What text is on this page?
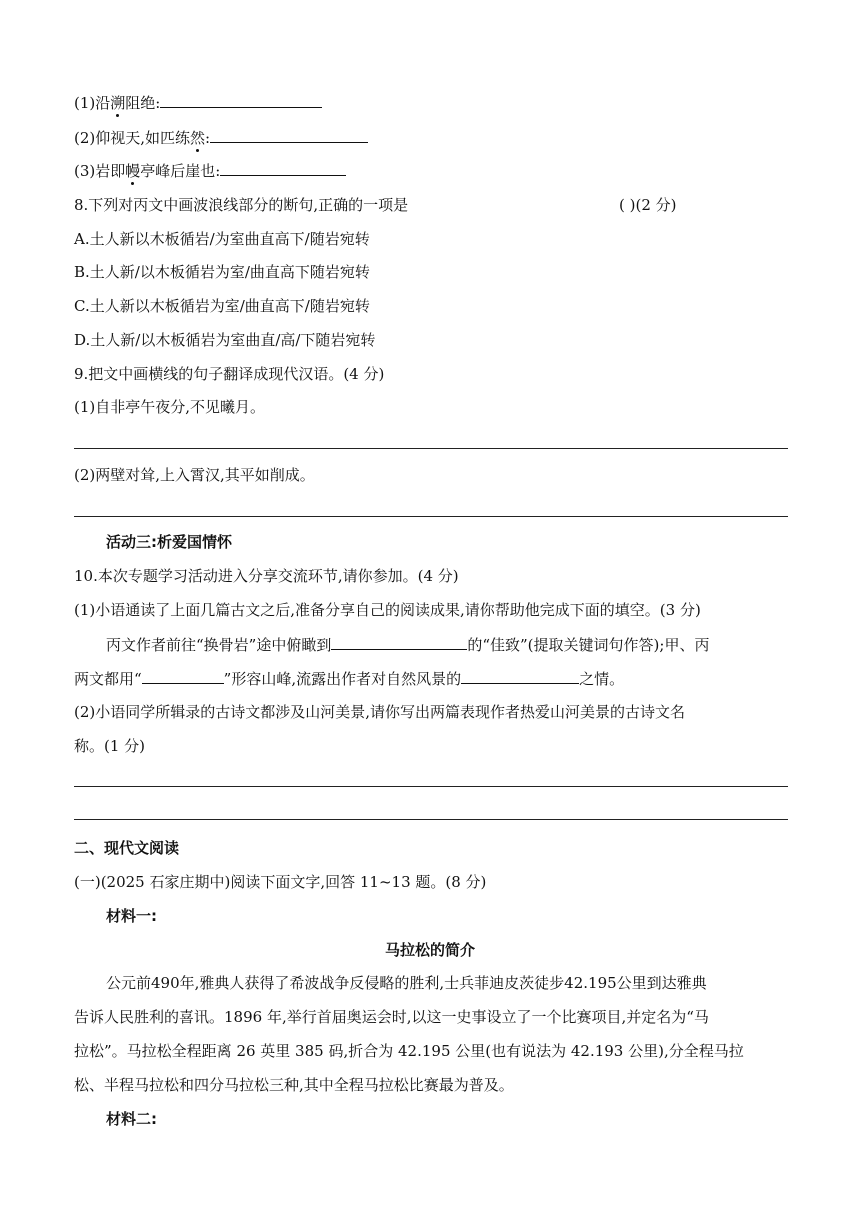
(1)沿溯阻绝:
(2)仰视天,如匹练然:
(3)岩即幔亭峰后崖也:
8.下列对丙文中画波浪线部分的断句,正确的一项是	( )(2 分)
A.土人新以木板循岩/为室曲直高下/随岩宛转
B.土人新/以木板循岩为室/曲直高下随岩宛转
C.土人新以木板循岩为室/曲直高下/随岩宛转
D.土人新/以木板循岩为室曲直/高/下随岩宛转
9.把文中画横线的句子翻译成现代汉语。(4 分)
(1)自非亭午夜分,不见曦月。
(2)两壁对耸,上入霄汉,其平如削成。
活动三:析爱国情怀
10.本次专题学习活动进入分享交流环节,请你参加。(4 分)
(1)小语通读了上面几篇古文之后,准备分享自己的阅读成果,请你帮助他完成下面的填空。(3 分)
丙文作者前往“换骨岩”途中俯瞰到	的“佳致”(提取关键词句作答);甲、丙
两文都用“	”形容山峰,流露出作者对自然风景的	之情。
(2)小语同学所辑录的古诗文都涉及山河美景,请你写出两篇表现作者热爱山河美景的古诗文名
称。(1 分)
二、现代文阅读
(一)(2025 石家庄期中)阅读下面文字,回答 11~13 题。(8 分)
材料一:
马拉松的简介
公元前490年,雅典人获得了希波战争反侵略的胜利,士兵菲迪皮茨徒步42.195公里到达雅典
告诉人民胜利的喜讯。1896 年,举行首届奥运会时,以这一史事设立了一个比赛项目,并定名为“马
拉松”。马拉松全程距离 26 英里 385 码,折合为 42.195 公里(也有说法为 42.193 公里),分全程马拉
松、半程马拉松和四分马拉松三种,其中全程马拉松比赛最为普及。
材料二:
